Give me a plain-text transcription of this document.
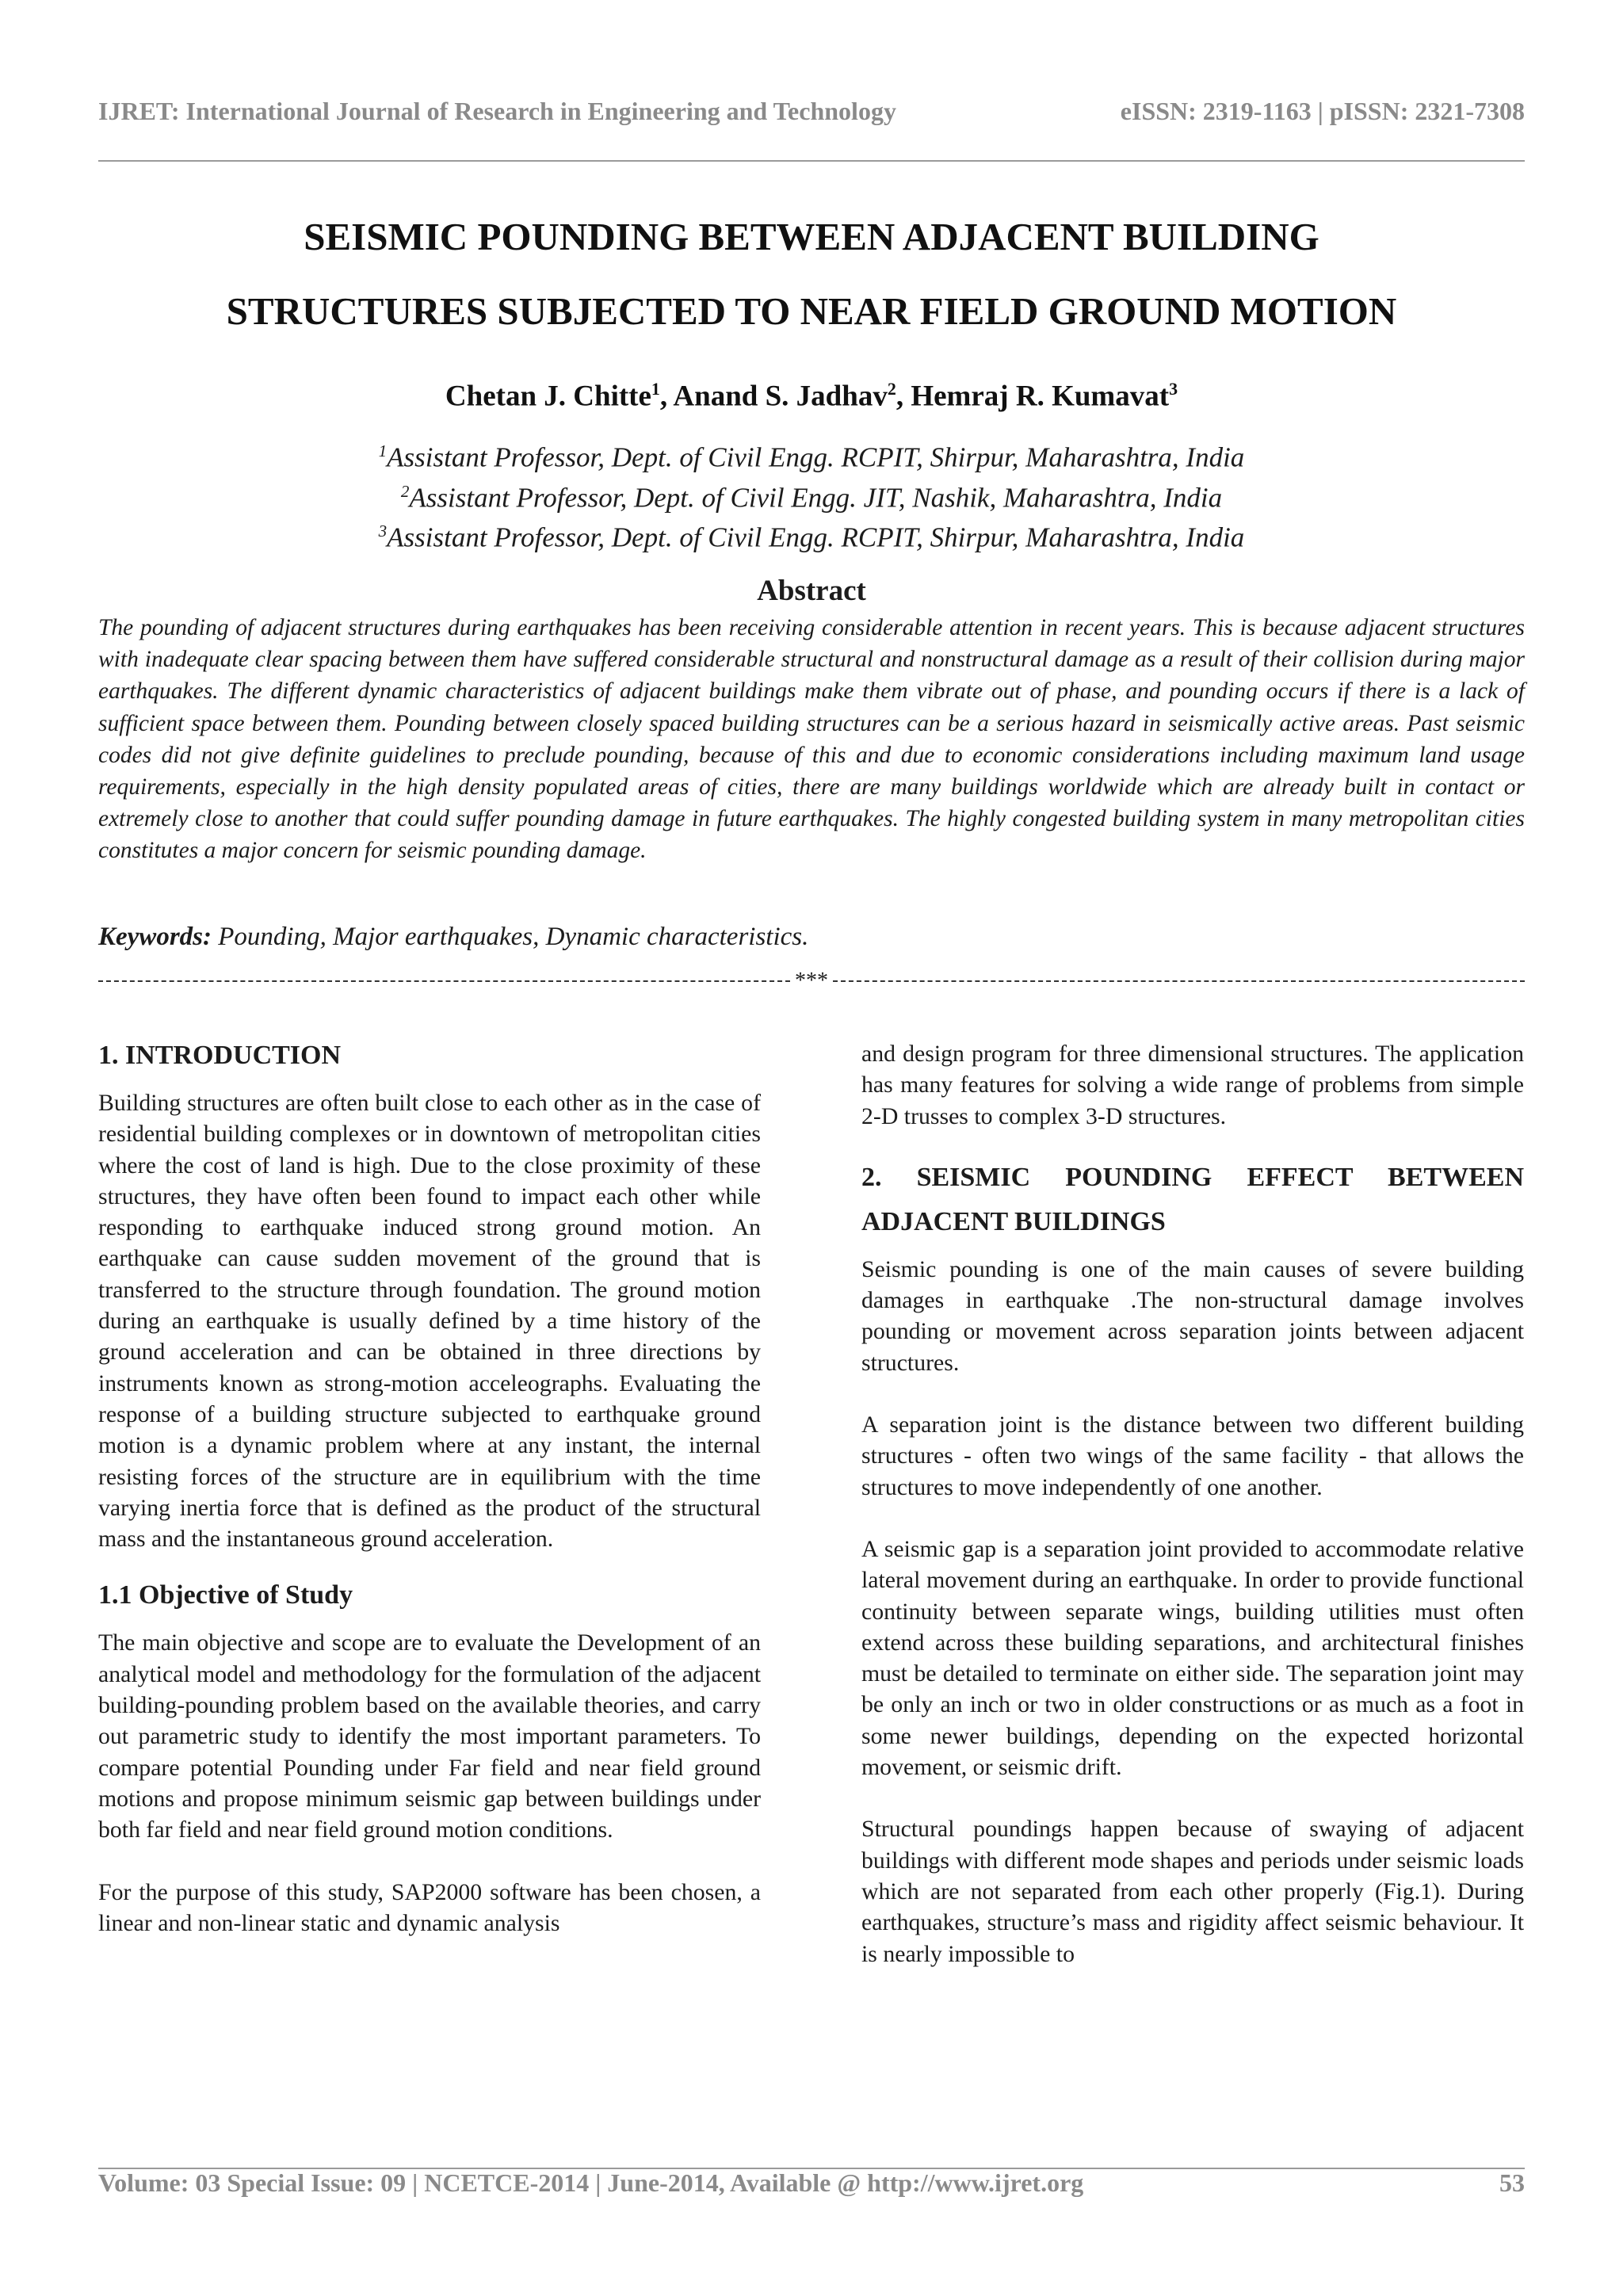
IJRET: International Journal of Research in Engineering and Technology	eISSN: 2319-1163 | pISSN: 2321-7308
SEISMIC POUNDING BETWEEN ADJACENT BUILDING
STRUCTURES SUBJECTED TO NEAR FIELD GROUND MOTION
Chetan J. Chitte$^1$, Anand S. Jadhav$^2$, Hemraj R. Kumavat$^3$
$^1$Assistant Professor, Dept. of Civil Engg. RCPIT, Shirpur, Maharashtra, India
$^2$Assistant Professor, Dept. of Civil Engg. JIT, Nashik, Maharashtra, India
$^3$Assistant Professor, Dept. of Civil Engg. RCPIT, Shirpur, Maharashtra, India
Abstract
The pounding of adjacent structures during earthquakes has been receiving considerable attention in recent years. This is because adjacent structures with inadequate clear spacing between them have suffered considerable structural and nonstructural damage as a result of their collision during major earthquakes. The different dynamic characteristics of adjacent buildings make them vibrate out of phase, and pounding occurs if there is a lack of sufficient space between them. Pounding between closely spaced building structures can be a serious hazard in seismically active areas. Past seismic codes did not give definite guidelines to preclude pounding, because of this and due to economic considerations including maximum land usage requirements, especially in the high density populated areas of cities, there are many buildings worldwide which are already built in contact or extremely close to another that could suffer pounding damage in future earthquakes. The highly congested building system in many metropolitan cities constitutes a major concern for seismic pounding damage.
Keywords: Pounding, Major earthquakes, Dynamic characteristics.
***

1. INTRODUCTION

Building structures are often built close to each other as in the case of residential building complexes or in downtown of metropolitan cities where the cost of land is high. Due to the close proximity of these structures, they have often been found to impact each other while responding to earthquake induced strong ground motion. An earthquake can cause sudden movement of the ground that is transferred to the structure through foundation. The ground motion during an earthquake is usually defined by a time history of the ground acceleration and can be obtained in three directions by instruments known as strong-motion acceleographs. Evaluating the response of a building structure subjected to earthquake ground motion is a dynamic problem where at any instant, the internal resisting forces of the structure are in equilibrium with the time varying inertia force that is defined as the product of the structural mass and the instantaneous ground acceleration.

1.1 Objective of Study

The main objective and scope are to evaluate the Development of an analytical model and methodology for the formulation of the adjacent building-pounding problem based on the available theories, and carry out parametric study to identify the most important parameters. To compare potential Pounding under Far field and near field ground motions and propose minimum seismic gap between buildings under both far field and near field ground motion conditions.

For the purpose of this study, SAP2000 software has been chosen, a linear and non-linear static and dynamic analysis

and design program for three dimensional structures. The application has many features for solving a wide range of problems from simple 2-D trusses to complex 3-D structures.

2. SEISMIC POUNDING EFFECT BETWEEN
ADJACENT BUILDINGS

Seismic pounding is one of the main causes of severe building damages in earthquake .The non-structural damage involves pounding or movement across separation joints between adjacent structures.

A separation joint is the distance between two different building structures - often two wings of the same facility - that allows the structures to move independently of one another.

A seismic gap is a separation joint provided to accommodate relative lateral movement during an earthquake. In order to provide functional continuity between separate wings, building utilities must often extend across these building separations, and architectural finishes must be detailed to terminate on either side. The separation joint may be only an inch or two in older constructions or as much as a foot in some newer buildings, depending on the expected horizontal movement, or seismic drift.

Structural poundings happen because of swaying of adjacent buildings with different mode shapes and periods under seismic loads which are not separated from each other properly (Fig.1). During earthquakes, structure’s mass and rigidity affect seismic behaviour. It is nearly impossible to

Volume: 03 Special Issue: 09 | NCETCE-2014 | June-2014, Available @ http://www.ijret.org	53
